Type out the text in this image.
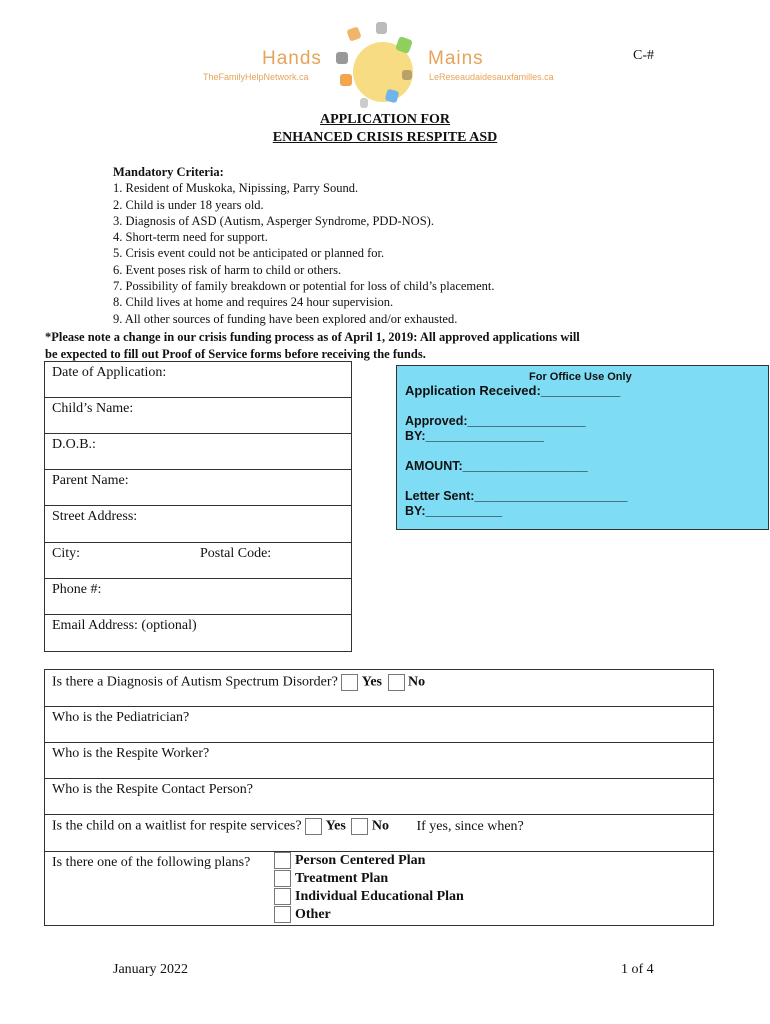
Hands	Mains
TheFamilyHelpNetwork.ca	LeReseaudaidesauxfamilles.ca
C-#
APPLICATION FOR
ENHANCED CRISIS RESPITE ASD
Mandatory Criteria:
1. Resident of Muskoka, Nipissing, Parry Sound.
2. Child is under 18 years old.
3. Diagnosis of ASD (Autism, Asperger Syndrome, PDD-NOS).
4. Short-term need for support.
5. Crisis event could not be anticipated or planned for.
6. Event poses risk of harm to child or others.
7. Possibility of family breakdown or potential for loss of child’s placement.
8. Child lives at home and requires 24 hour supervision.
9. All other sources of funding have been explored and/or exhausted.
*Please note a change in our crisis funding process as of April 1, 2019: All approved applications will
be expected to fill out Proof of Service forms before receiving the funds.
Date of Application:
Child’s Name:
D.O.B.:
Parent Name:
Street Address:
City:	Postal Code:
Phone #:
Email Address: (optional)
For Office Use Only
Application Received:___________
Approved:_________________
BY:_________________
AMOUNT:__________________
Letter Sent:______________________
BY:___________
Is there a Diagnosis of Autism Spectrum Disorder? Yes No
Who is the Pediatrician?
Who is the Respite Worker?
Who is the Respite Contact Person?
Is the child on a waitlist for respite services? Yes No If yes, since when?
Is there one of the following plans?	Person Centered Plan
Treatment Plan
Individual Educational Plan
Other
January 2022	1 of 4
